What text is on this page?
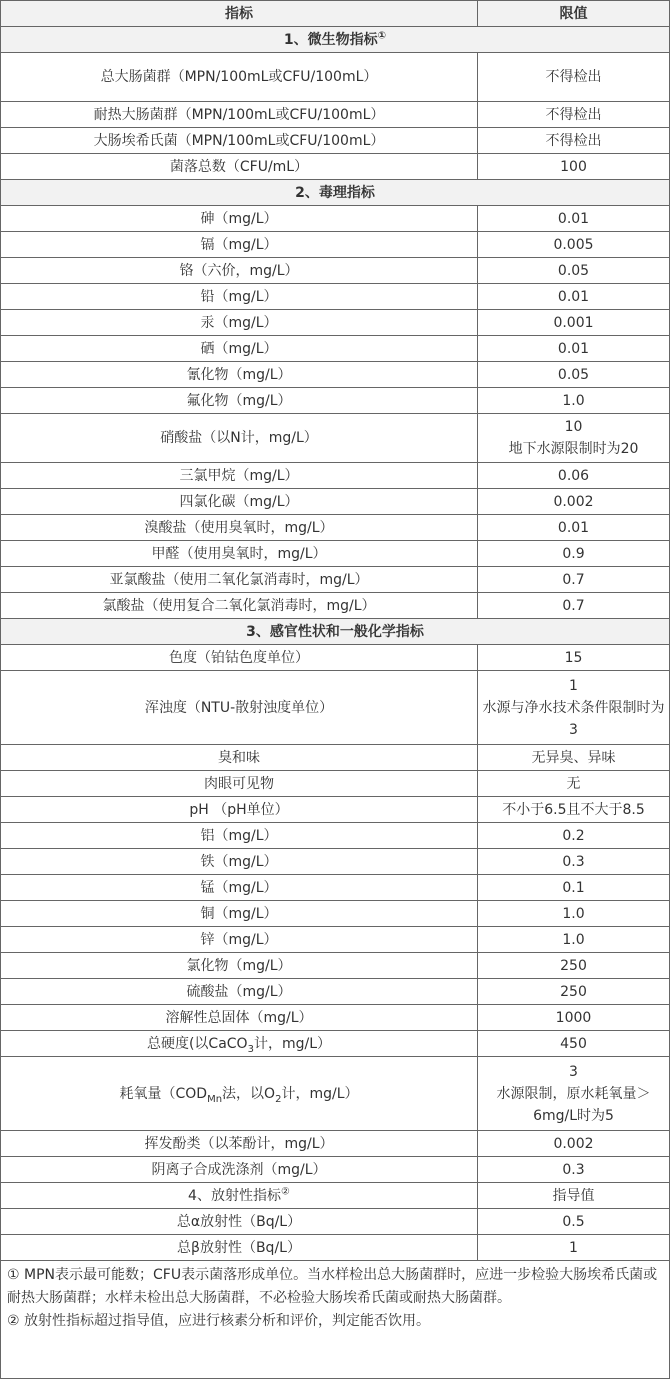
指标	限值
1、微生物指标①
总大肠菌群（MPN/100mL或CFU/100mL）	不得检出
耐热大肠菌群（MPN/100mL或CFU/100mL）	不得检出
大肠埃希氏菌（MPN/100mL或CFU/100mL）	不得检出
菌落总数（CFU/mL）	100
2、毒理指标	
砷（mg/L）	0.01
镉（mg/L）	0.005
铬（六价，mg/L）	0.05
铅（mg/L）	0.01
汞（mg/L）	0.001
硒（mg/L）	0.01
氰化物（mg/L）	0.05
氟化物（mg/L）	1.0
硝酸盐（以N计，mg/L）	10
地下水源限制时为20

三氯甲烷（mg/L）	0.06
四氯化碳（mg/L）	0.002
溴酸盐（使用臭氧时，mg/L）	0.01
甲醛（使用臭氧时，mg/L）	0.9
亚氯酸盐（使用二氧化氯消毒时，mg/L）	0.7
氯酸盐（使用复合二氧化氯消毒时，mg/L）	0.7
3、感官性状和一般化学指标	
色度（铂钴色度单位）	15
浑浊度（NTU-散射浊度单位）	1
水源与净水技术条件限制时为3

臭和味	无异臭、异味
肉眼可见物	无
pH （pH单位）	不小于6.5且不大于8.5
铝（mg/L）	0.2
铁（mg/L）	0.3
锰（mg/L）	0.1
铜（mg/L）	1.0
锌（mg/L）	1.0
氯化物（mg/L）	250
硫酸盐（mg/L）	250
溶解性总固体（mg/L）	1000
总硬度(以CaCO$_3$计，mg/L）	450
耗氧量（$COD_{Mn}$法，以$O_2$计，mg/L）	3
水源限制，原水耗氧量＞6mg/L时为5

挥发酚类（以苯酚计，mg/L）	0.002
阴离子合成洗涤剂（mg/L）	0.3
4、放射性指标②	指导值
总α放射性（Bq/L）	0.5
总β放射性（Bq/L）	1

① MPN表示最可能数；CFU表示菌落形成单位。当水样检出总大肠菌群时，应进一步检验大肠埃希氏菌或耐热大肠菌群；水样未检出总大肠菌群，不必检验大肠埃希氏菌或耐热大肠菌群。

② 放射性指标超过指导值，应进行核素分析和评价，判定能否饮用。	
